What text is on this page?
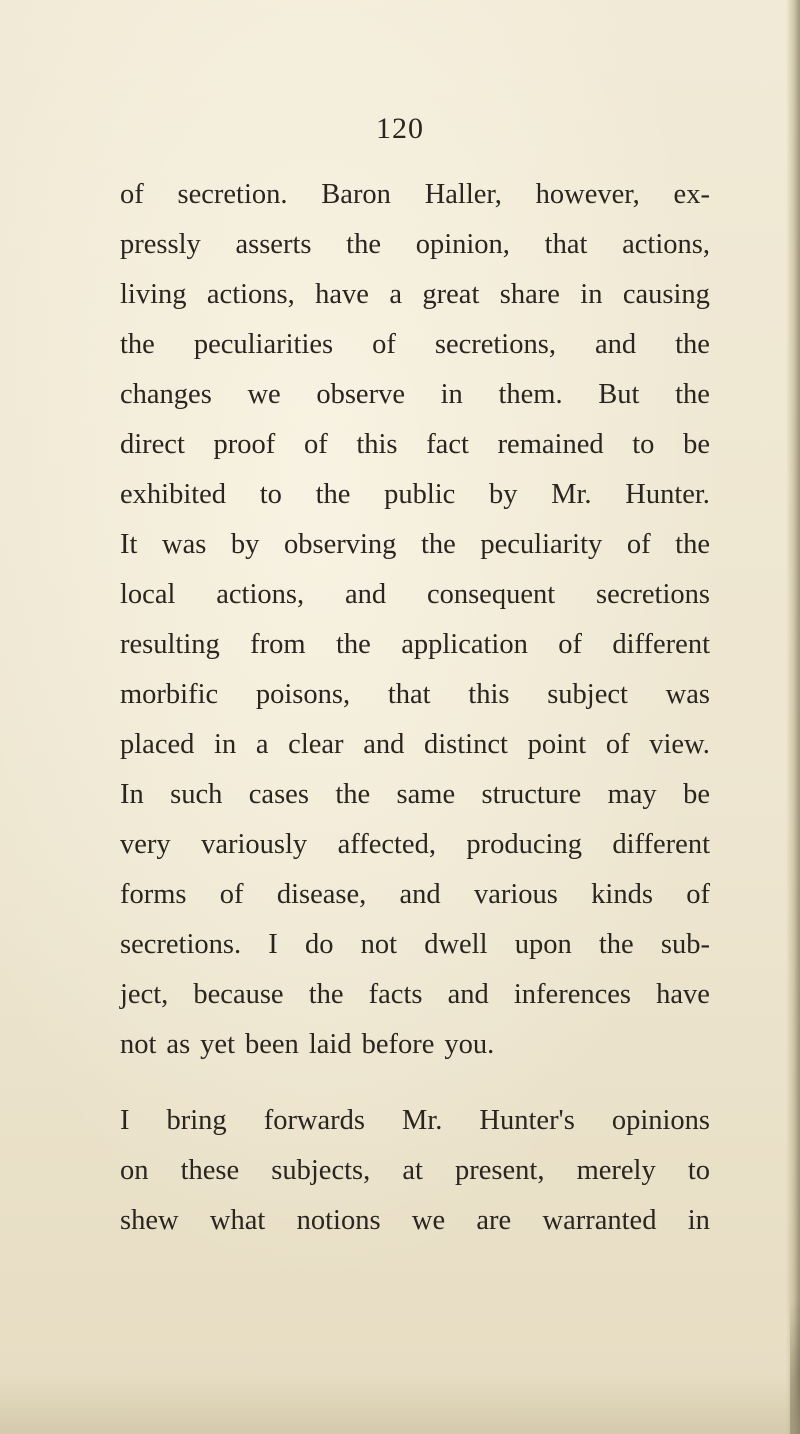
120
of secretion. Baron Haller, however, ex-
pressly asserts the opinion, that actions,
living actions, have a great share in causing
the peculiarities of secretions, and the
changes we observe in them. But the
direct proof of this fact remained to be
exhibited to the public by Mr. Hunter.
It was by observing the peculiarity of the
local actions, and consequent secretions
resulting from the application of different
morbific poisons, that this subject was
placed in a clear and distinct point of view.
In such cases the same structure may be
very variously affected, producing different
forms of disease, and various kinds of
secretions. I do not dwell upon the sub-
ject, because the facts and inferences have
not as yet been laid before you.
I bring forwards Mr. Hunter's opinions
on these subjects, at present, merely to
shew what notions we are warranted in
